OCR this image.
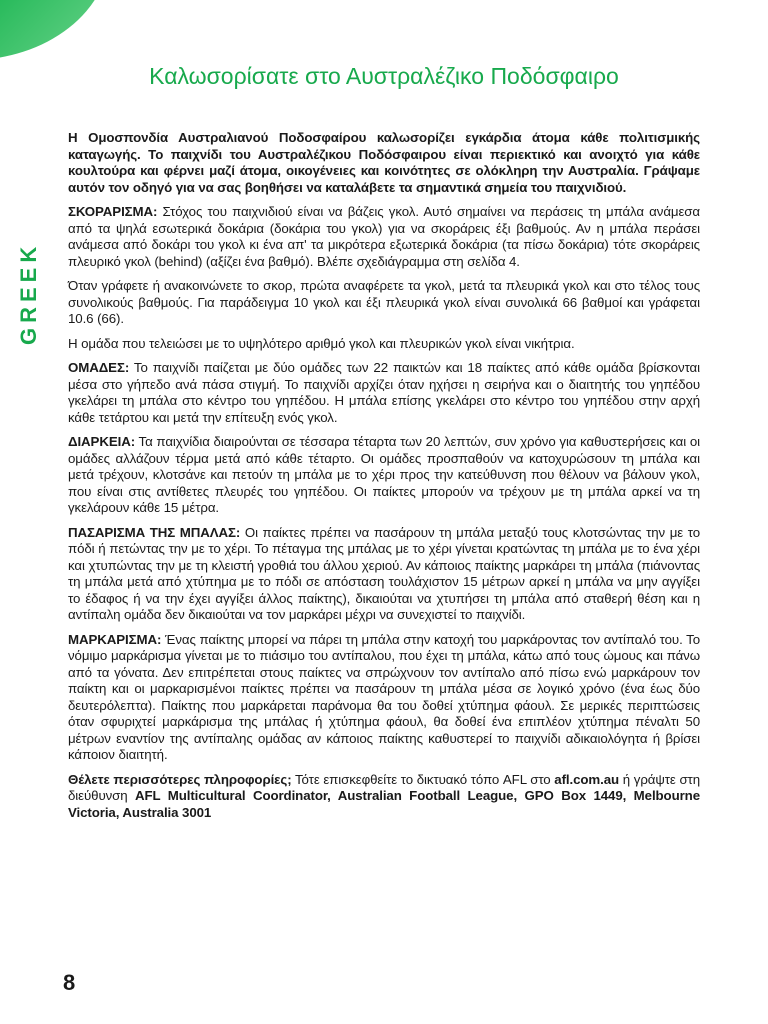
GREEK
Καλωσορίσατε στο Αυστραλέζικο Ποδόσφαιρο

Η Ομοσπονδία Αυστραλιανού Ποδοσφαίρου καλωσορίζει εγκάρδια άτομα κάθε πολιτισμικής καταγωγής. Το παιχνίδι του Αυστραλέζικου Ποδόσφαιρου είναι περιεκτικό και ανοιχτό για κάθε κουλτούρα και φέρνει μαζί άτομα, οικογένειες και κοινότητες σε ολόκληρη την Αυστραλία. Γράψαμε αυτόν τον οδηγό για να σας βοηθήσει να καταλάβετε τα σημαντικά σημεία του παιχνιδιού.

ΣΚΟΡΑΡΙΣΜΑ: Στόχος του παιχνιδιού είναι να βάζεις γκολ. Αυτό σημαίνει να περάσεις τη μπάλα ανάμεσα από τα ψηλά εσωτερικά δοκάρια (δοκάρια του γκολ) για να σκοράρεις έξι βαθμούς. Αν η μπάλα περάσει ανάμεσα από δοκάρι του γκολ κι ένα απ' τα μικρότερα εξωτερικά δοκάρια (τα πίσω δοκάρια) τότε σκοράρεις πλευρικό γκολ (behind) (αξίζει ένα βαθμό). Βλέπε σχεδιάγραμμα στη σελίδα 4.

Όταν γράφετε ή ανακοινώνετε το σκορ, πρώτα αναφέρετε τα γκολ, μετά τα πλευρικά γκολ και στο τέλος τους συνολικούς βαθμούς. Για παράδειγμα 10 γκολ και έξι πλευρικά γκολ είναι συνολικά 66 βαθμοί και γράφεται 10.6 (66).

Η ομάδα που τελειώσει με το υψηλότερο αριθμό γκολ και πλευρικών γκολ είναι νικήτρια.

ΟΜΑΔΕΣ: Το παιχνίδι παίζεται με δύο ομάδες των 22 παικτών και 18 παίκτες από κάθε ομάδα βρίσκονται μέσα στο γήπεδο ανά πάσα στιγμή. Το παιχνίδι αρχίζει όταν ηχήσει η σειρήνα και ο διαιτητής του γηπέδου γκελάρει τη μπάλα στο κέντρο του γηπέδου. Η μπάλα επίσης γκελάρει στο κέντρο του γηπέδου στην αρχή κάθε τετάρτου και μετά την επίτευξη ενός γκολ.

ΔΙΑΡΚΕΙΑ: Τα παιχνίδια διαιρούνται σε τέσσαρα τέταρτα των 20 λεπτών, συν χρόνο για καθυστερήσεις και οι ομάδες αλλάζουν τέρμα μετά από κάθε τέταρτο. Οι ομάδες προσπαθούν να κατοχυρώσουν τη μπάλα και μετά τρέχουν, κλοτσάνε και πετούν τη μπάλα με το χέρι προς την κατεύθυνση που θέλουν να βάλουν γκολ, που είναι στις αντίθετες πλευρές του γηπέδου. Οι παίκτες μπορούν να τρέχουν με τη μπάλα αρκεί να τη γκελάρουν κάθε 15 μέτρα.

ΠΑΣΑΡΙΣΜΑ ΤΗΣ ΜΠΑΛΑΣ: Οι παίκτες πρέπει να πασάρουν τη μπάλα μεταξύ τους κλοτσώντας την με το πόδι ή πετώντας την με το χέρι. Το πέταγμα της μπάλας με το χέρι γίνεται κρατώντας τη μπάλα με το ένα χέρι και χτυπώντας την με τη κλειστή γροθιά του άλλου χεριού. Αν κάποιος παίκτης μαρκάρει τη μπάλα (πιάνοντας τη μπάλα μετά από χτύπημα με το πόδι σε απόσταση τουλάχιστον 15 μέτρων αρκεί η μπάλα να μην αγγίξει το έδαφος ή να την έχει αγγίξει άλλος παίκτης), δικαιούται να χτυπήσει τη μπάλα από σταθερή θέση και η αντίπαλη ομάδα δεν δικαιούται να τον μαρκάρει μέχρι να συνεχιστεί το παιχνίδι.

ΜΑΡΚΑΡΙΣΜΑ: Ένας παίκτης μπορεί να πάρει τη μπάλα στην κατοχή του μαρκάροντας τον αντίπαλό του. Το νόμιμο μαρκάρισμα γίνεται με το πιάσιμο του αντίπαλου, που έχει τη μπάλα, κάτω από τους ώμους και πάνω από τα γόνατα. Δεν επιτρέπεται στους παίκτες να σπρώχνουν τον αντίπαλο από πίσω ενώ μαρκάρουν τον παίκτη και οι μαρκαρισμένοι παίκτες πρέπει να πασάρουν τη μπάλα μέσα σε λογικό χρόνο (ένα έως δύο δευτερόλεπτα). Παίκτης που μαρκάρεται παράνομα θα του δοθεί χτύπημα φάουλ. Σε μερικές περιπτώσεις όταν σφυριχτεί μαρκάρισμα της μπάλας ή χτύπημα φάουλ, θα δοθεί ένα επιπλέον χτύπημα πέναλτι 50 μέτρων εναντίον της αντίπαλης ομάδας αν κάποιος παίκτης καθυστερεί το παιχνίδι αδικαιολόγητα ή βρίσει κάποιον διαιτητή.

Θέλετε περισσότερες πληροφορίες; Τότε επισκεφθείτε το δικτυακό τόπο AFL στο afl.com.au ή γράψτε στη διεύθυνση AFL Multicultural Coordinator, Australian Football League, GPO Box 1449, Melbourne Victoria, Australia 3001

8
